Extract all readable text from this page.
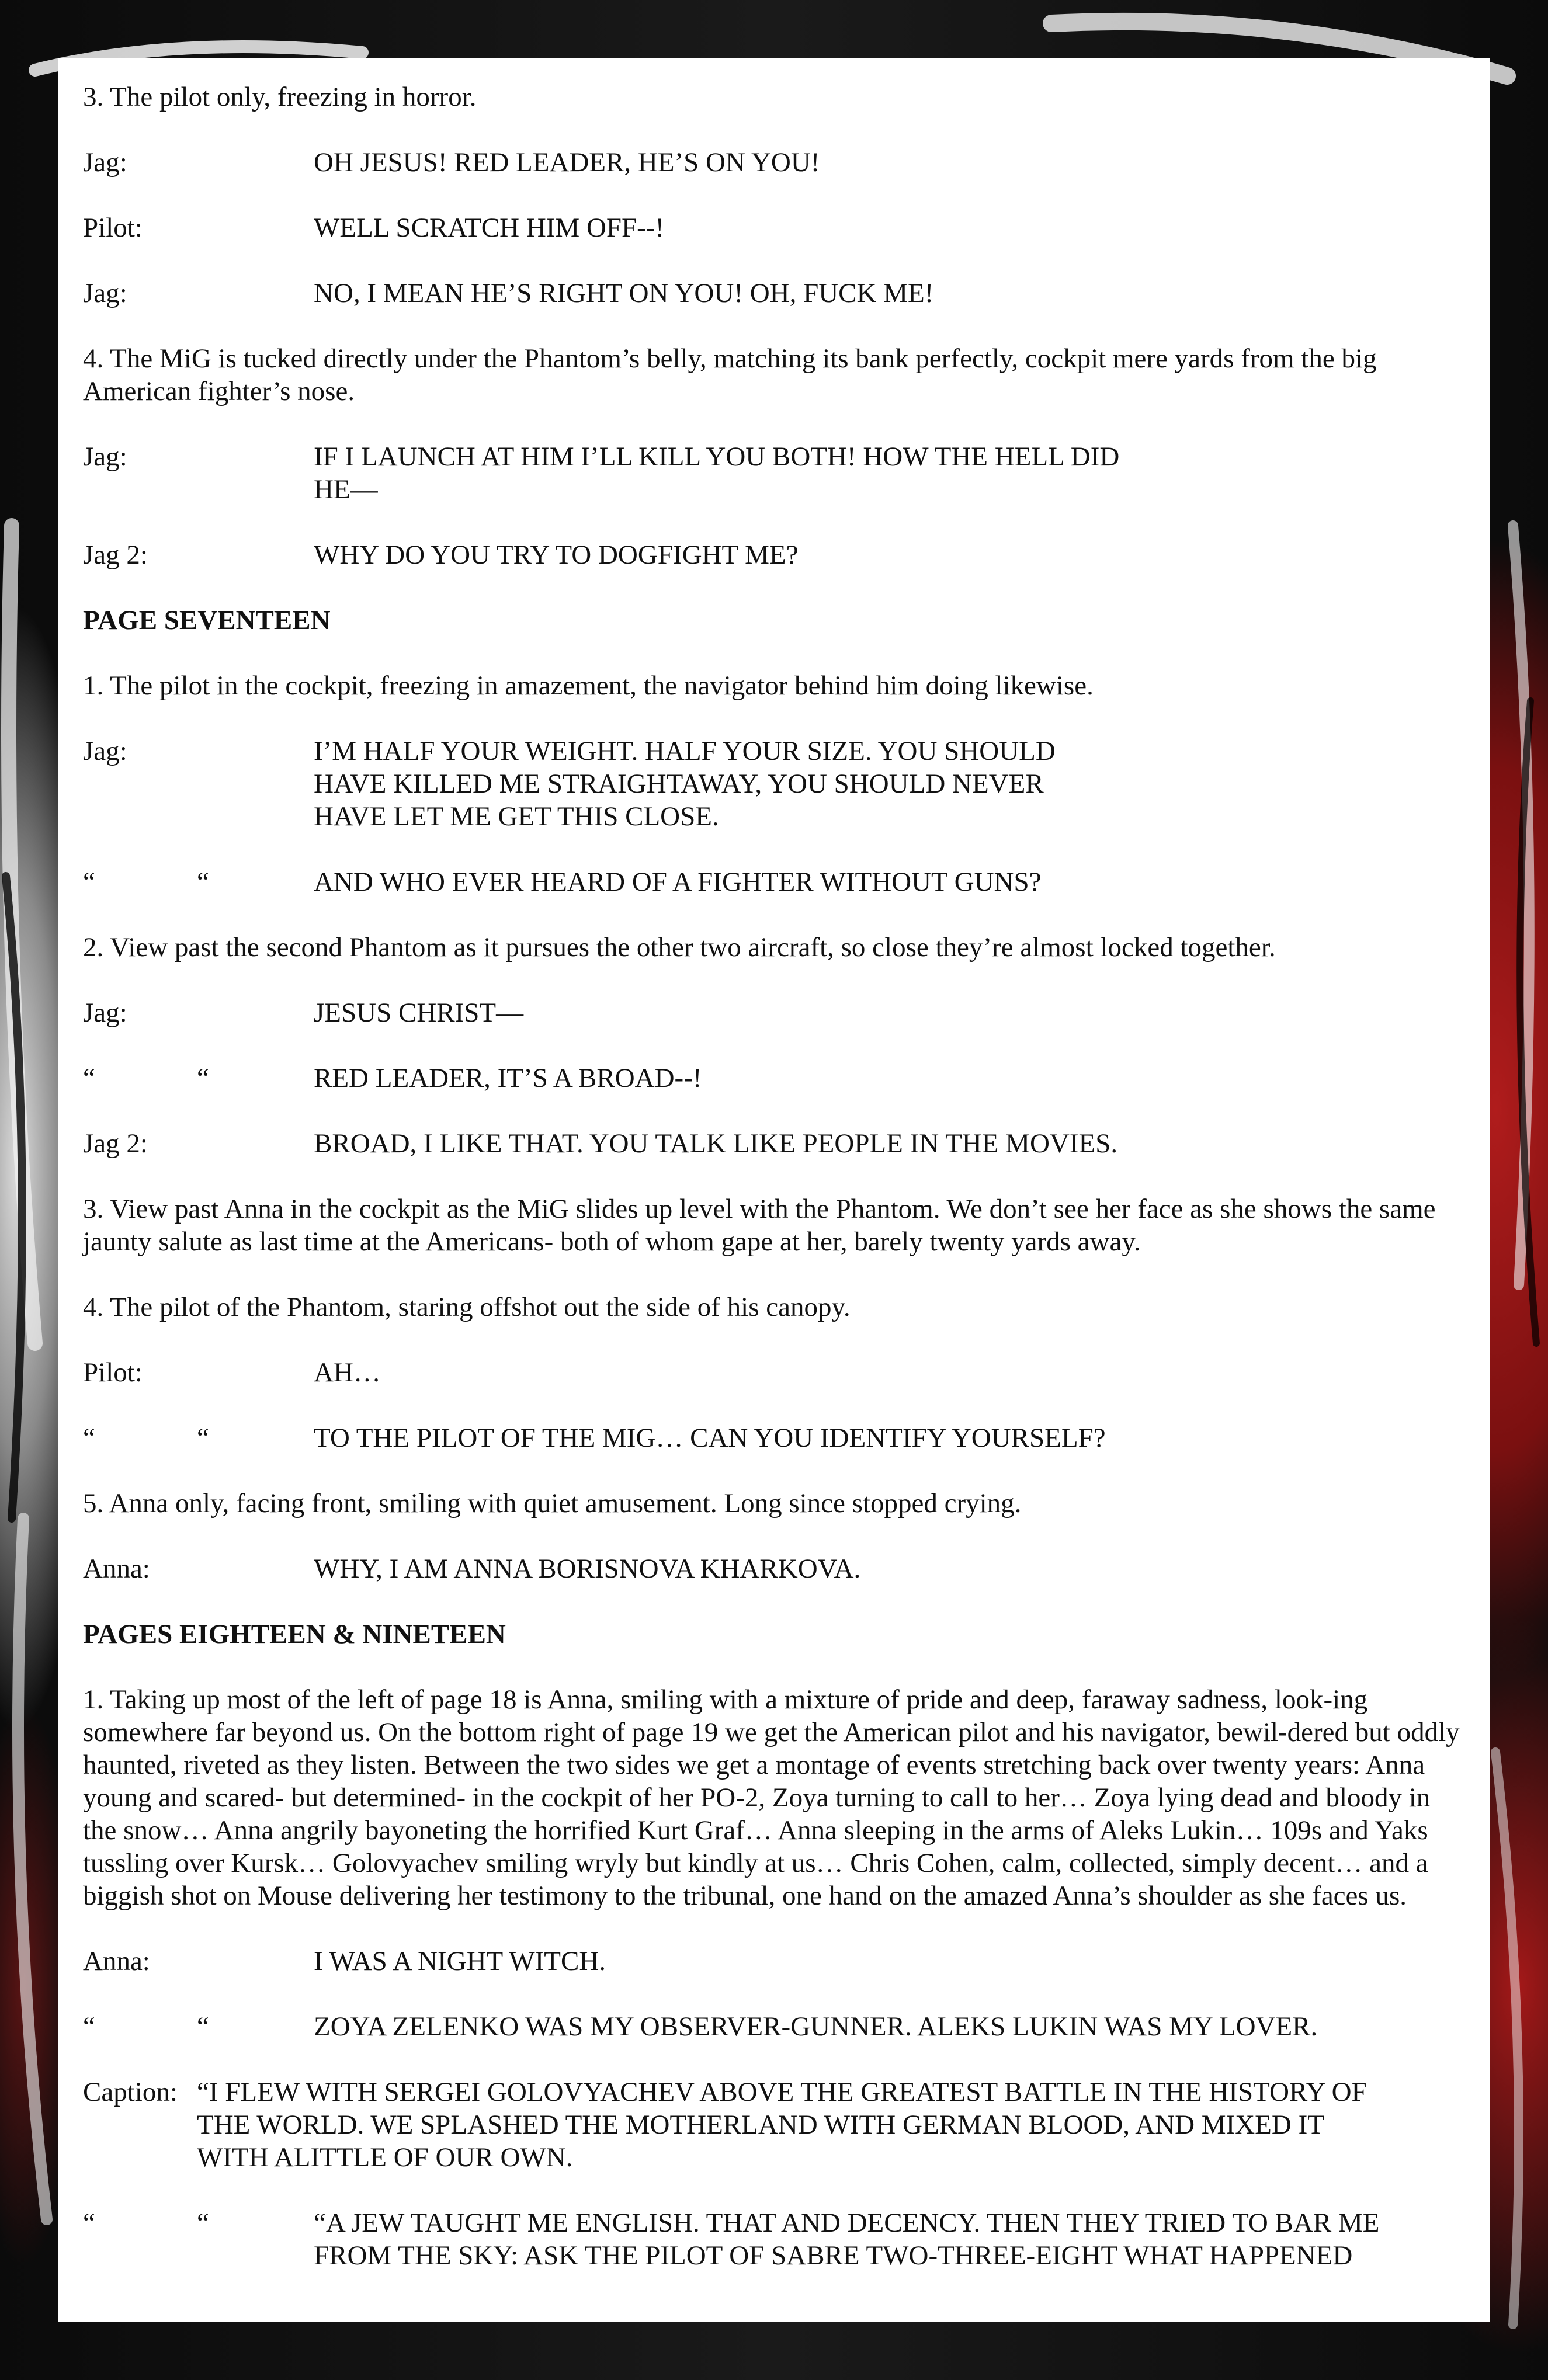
3. The pilot only, freezing in horror.
Jag:	OH JESUS! RED LEADER, HE’S ON YOU!
Pilot:	WELL SCRATCH HIM OFF--!
Jag:	NO, I MEAN HE’S RIGHT ON YOU! OH, FUCK ME!
4. The MiG is tucked directly under the Phantom’s belly, matching its bank perfectly, cockpit mere yards from the big American fighter’s nose.
Jag:	IF I LAUNCH AT HIM I’LL KILL YOU BOTH! HOW THE HELL DID
HE—
Jag 2:	WHY DO YOU TRY TO DOGFIGHT ME?
PAGE SEVENTEEN
1. The pilot in the cockpit, freezing in amazement, the navigator behind him doing likewise.
Jag:	I’M HALF YOUR WEIGHT. HALF YOUR SIZE. YOU SHOULD
HAVE KILLED ME STRAIGHTAWAY, YOU SHOULD NEVER
HAVE LET ME GET THIS CLOSE.
“	“	AND WHO EVER HEARD OF A FIGHTER WITHOUT GUNS?
2. View past the second Phantom as it pursues the other two aircraft, so close they’re almost locked together.
Jag:	JESUS CHRIST—
“	“	RED LEADER, IT’S A BROAD--!
Jag 2:	BROAD, I LIKE THAT. YOU TALK LIKE PEOPLE IN THE MOVIES.
3. View past Anna in the cockpit as the MiG slides up level with the Phantom. We don’t see her face as she shows the same jaunty salute as last time at the Americans- both of whom gape at her, barely twenty yards away.
4. The pilot of the Phantom, staring offshot out the side of his canopy.
Pilot:	AH…
“	“	TO THE PILOT OF THE MIG… CAN YOU IDENTIFY YOURSELF?
5. Anna only, facing front, smiling with quiet amusement. Long since stopped crying.
Anna:	WHY, I AM ANNA BORISNOVA KHARKOVA.
PAGES EIGHTEEN & NINETEEN
1. Taking up most of the left of page 18 is Anna, smiling with a mixture of pride and deep, faraway sadness, look-ing somewhere far beyond us. On the bottom right of page 19 we get the American pilot and his navigator, bewil-dered but oddly haunted, riveted as they listen. Between the two sides we get a montage of events stretching back over twenty years: Anna young and scared- but determined- in the cockpit of her PO-2, Zoya turning to call to her… Zoya lying dead and bloody in the snow… Anna angrily bayoneting the horrified Kurt Graf… Anna sleeping in the arms of Aleks Lukin… 109s and Yaks tussling over Kursk… Golovyachev smiling wryly but kindly at us… Chris Cohen, calm, collected, simply decent… and a biggish shot on Mouse delivering her testimony to the tribunal, one hand on the amazed Anna’s shoulder as she faces us.
Anna:	I WAS A NIGHT WITCH.
“	“	ZOYA ZELENKO WAS MY OBSERVER-GUNNER. ALEKS LUKIN WAS MY LOVER.
Caption: “I FLEW WITH SERGEI GOLOVYACHEV ABOVE THE GREATEST BATTLE IN THE HISTORY OF
THE WORLD. WE SPLASHED THE MOTHERLAND WITH GERMAN BLOOD, AND MIXED IT
WITH ALITTLE OF OUR OWN.
“	“	“A JEW TAUGHT ME ENGLISH. THAT AND DECENCY. THEN THEY TRIED TO BAR ME
FROM THE SKY: ASK THE PILOT OF SABRE TWO-THREE-EIGHT WHAT HAPPENED
